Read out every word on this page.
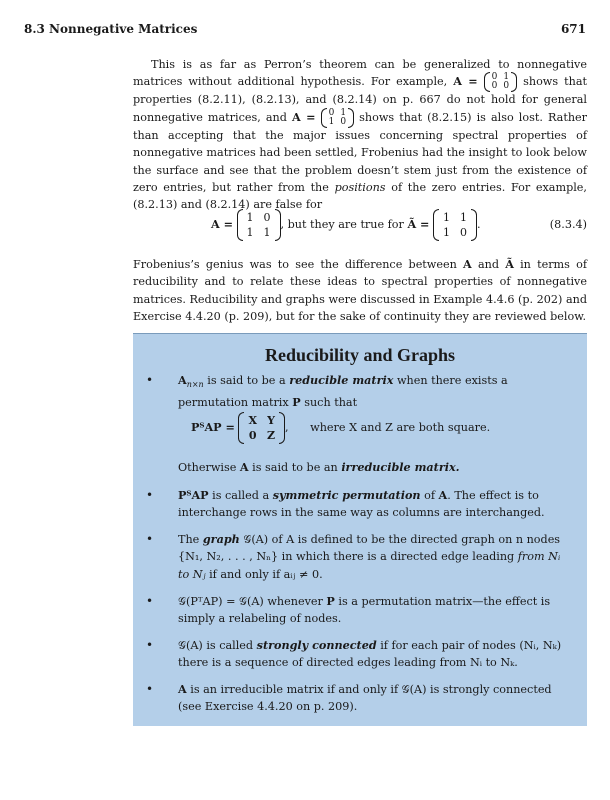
8.3 Nonnegative Matrices	671
This is as far as Perron’s theorem can be generalized to nonnegative matrices without additional hypothesis. For example, A = 0	1
0	0 shows that properties (8.2.11), (8.2.13), and (8.2.14) on p. 667 do not hold for general nonnegative matrices, and A = 0	1
1	0 shows that (8.2.15) is also lost. Rather than accepting that the major issues concerning spectral properties of nonnegative matrices had been settled, Frobenius had the insight to look below the surface and see that the problem doesn’t stem just from the existence of zero entries, but rather from the positions of the zero entries. For example, (8.2.13) and (8.2.14) are false for
A = 1	0
1	1
, but they are true for Ã = 1	1
1	0
.	(8.3.4)
Frobenius’s genius was to see the difference between A and Ã in terms of reducibility and to relate these ideas to spectral properties of nonnegative matrices. Reducibility and graphs were discussed in Example 4.4.6 (p. 202) and Exercise 4.4.20 (p. 209), but for the sake of continuity they are reviewed below.
Reducibility and Graphs
• $A_{n\times n}$ is said to be a reducible matrix when there exists a permutation matrix P such that
PᵀAP = X	Y
0	Z
, where X and Z are both square.
Otherwise A is said to be an irreducible matrix.
• PᵀAP is called a symmetric permutation of A. The effect is to interchange rows in the same way as columns are interchanged.
• The graph 𝒢(A) of A is defined to be the directed graph on n nodes {N₁, N₂, . . . , Nₙ} in which there is a directed edge leading from Nᵢ to Nⱼ if and only if aᵢⱼ ≠ 0.
• 𝒢(PᵀAP) = 𝒢(A) whenever P is a permutation matrix—the effect is simply a relabeling of nodes.
• 𝒢(A) is called strongly connected if for each pair of nodes (Nᵢ, Nₖ) there is a sequence of directed edges leading from Nᵢ to Nₖ.
• A is an irreducible matrix if and only if 𝒢(A) is strongly connected (see Exercise 4.4.20 on p. 209).
